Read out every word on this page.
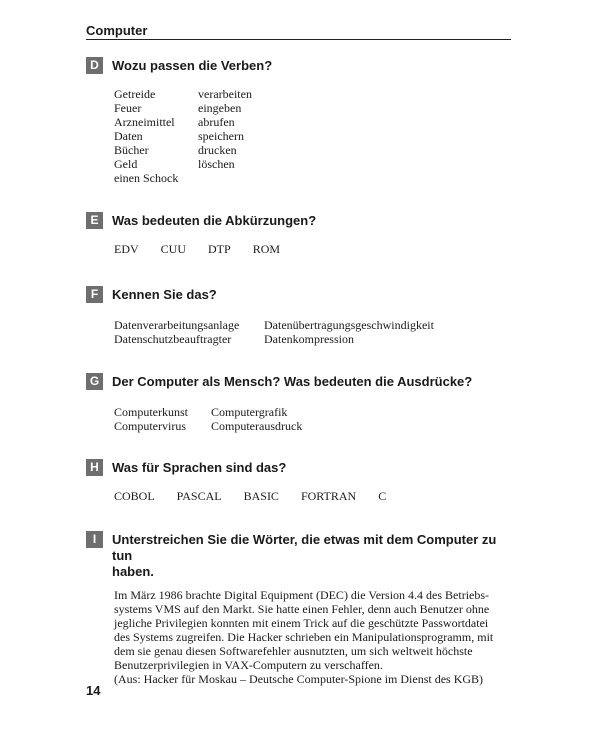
Computer
D	Wozu passen die Verben?
Getreide	verarbeiten
Feuer	eingeben
Arzneimittel	abrufen
Daten	speichern
Bücher	drucken
Geld	löschen
einen Schock
E	Was bedeuten die Abkürzungen?
EDV CUU DTP ROM
F	Kennen Sie das?
Datenverarbeitungsanlage	Datenübertragungsgeschwindigkeit
Datenschutzbeauftragter	Datenkompression
G Der Computer als Mensch? Was bedeuten die Ausdrücke?
Computerkunst	Computergrafik
Computervirus	Computerausdruck
H	Was für Sprachen sind das?
COBOL PASCAL BASIC FORTRAN C
I	Unterstreichen Sie die Wörter, die etwas mit dem Computer zu tun
haben.
Im März 1986 brachte Digital Equipment (DEC) die Version 4.4 des Betriebs-
systems VMS auf den Markt. Sie hatte einen Fehler, denn auch Benutzer ohne
jegliche Privilegien konnten mit einem Trick auf die geschützte Passwortdatei
des Systems zugreifen. Die Hacker schrieben ein Manipulationsprogramm, mit
dem sie genau diesen Softwarefehler ausnutzten, um sich weltweit höchste
Benutzerprivilegien in VAX-Computern zu verschaffen.
(Aus: Hacker für Moskau – Deutsche Computer-Spione im Dienst des KGB)
14
